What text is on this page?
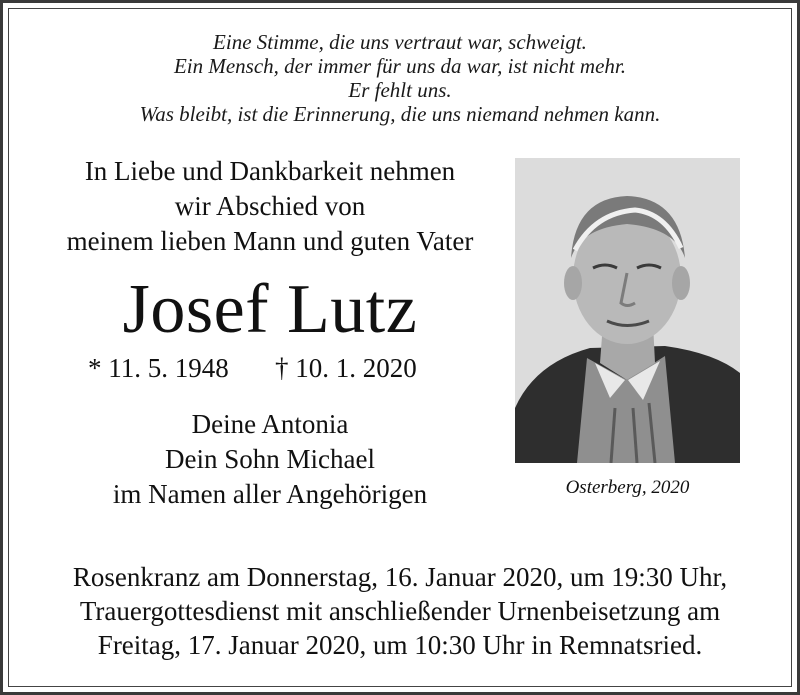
Eine Stimme, die uns vertraut war, schweigt.
Ein Mensch, der immer für uns da war, ist nicht mehr.
Er fehlt uns.
Was bleibt, ist die Erinnerung, die uns niemand nehmen kann.
In Liebe und Dankbarkeit nehmen
wir Abschied von
meinem lieben Mann und guten Vater
Josef Lutz
* 11. 5. 1948 † 10. 1. 2020
Deine Antonia
Dein Sohn Michael
im Namen aller Angehörigen	Osterberg, 2020
Rosenkranz am Donnerstag, 16. Januar 2020, um 19:30 Uhr,
Trauergottesdienst mit anschließender Urnenbeisetzung am
Freitag, 17. Januar 2020, um 10:30 Uhr in Remnatsried.
